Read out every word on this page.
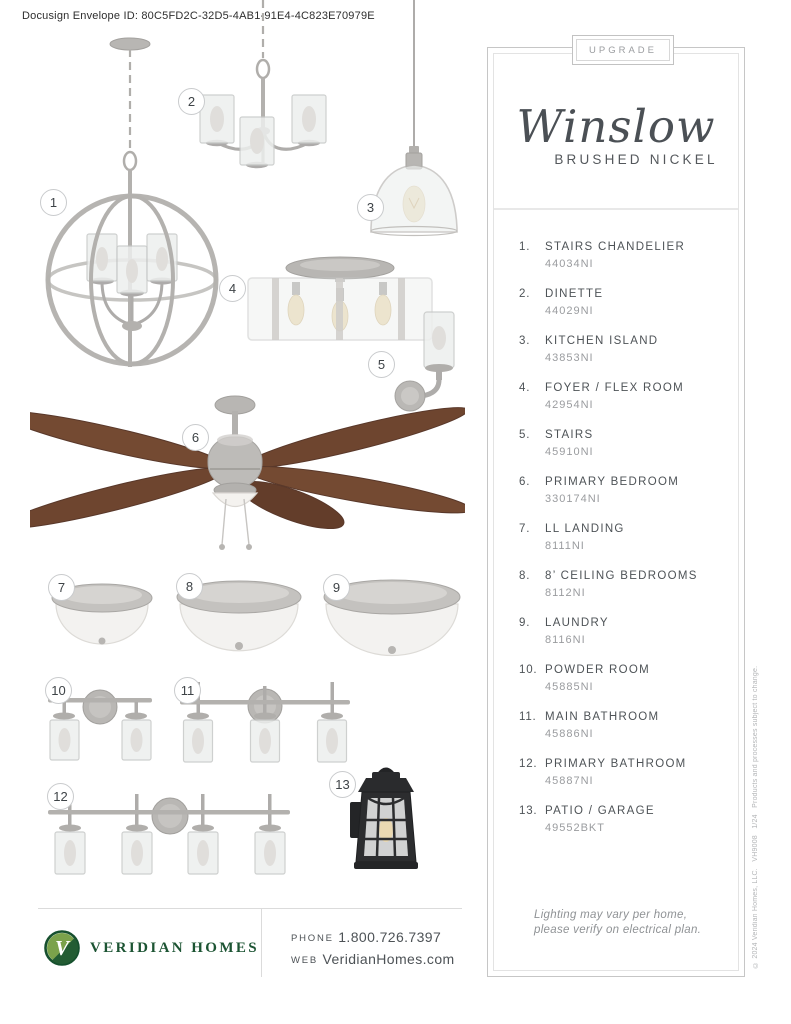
Docusign Envelope ID: 80C5FD2C-32D5-4AB1-91E4-4C823E70979E
1
2
3
4
5
6
7	8	9
10	11
12
13
Winslow
BRUSHED NICKEL
1.	STAIRS CHANDELIER
44034NI
2.	DINETTE
44029NI
3.	KITCHEN ISLAND
43853NI
4.	FOYER / FLEX ROOM
42954NI
5.	STAIRS
45910NI
6.	PRIMARY BEDROOM
330174NI
7.	LL LANDING
8111NI
8.	8’ CEILING BEDROOMS
8112NI
9.	LAUNDRY
8116NI
10. POWDER ROOM
45885NI
11. MAIN BATHROOM
45886NI
12. PRIMARY BATHROOM
45887NI
13. PATIO / GARAGE
49552BKT
Lighting may vary per home,
please verify on electrical plan.
UPGRADE
© 2024 Veridian Homes, LLC.   VH9008   1/24   Products and processes subject to change.
V VERIDIAN HOMES
PHONE 1.800.726.7397
WEB VeridianHomes.com
